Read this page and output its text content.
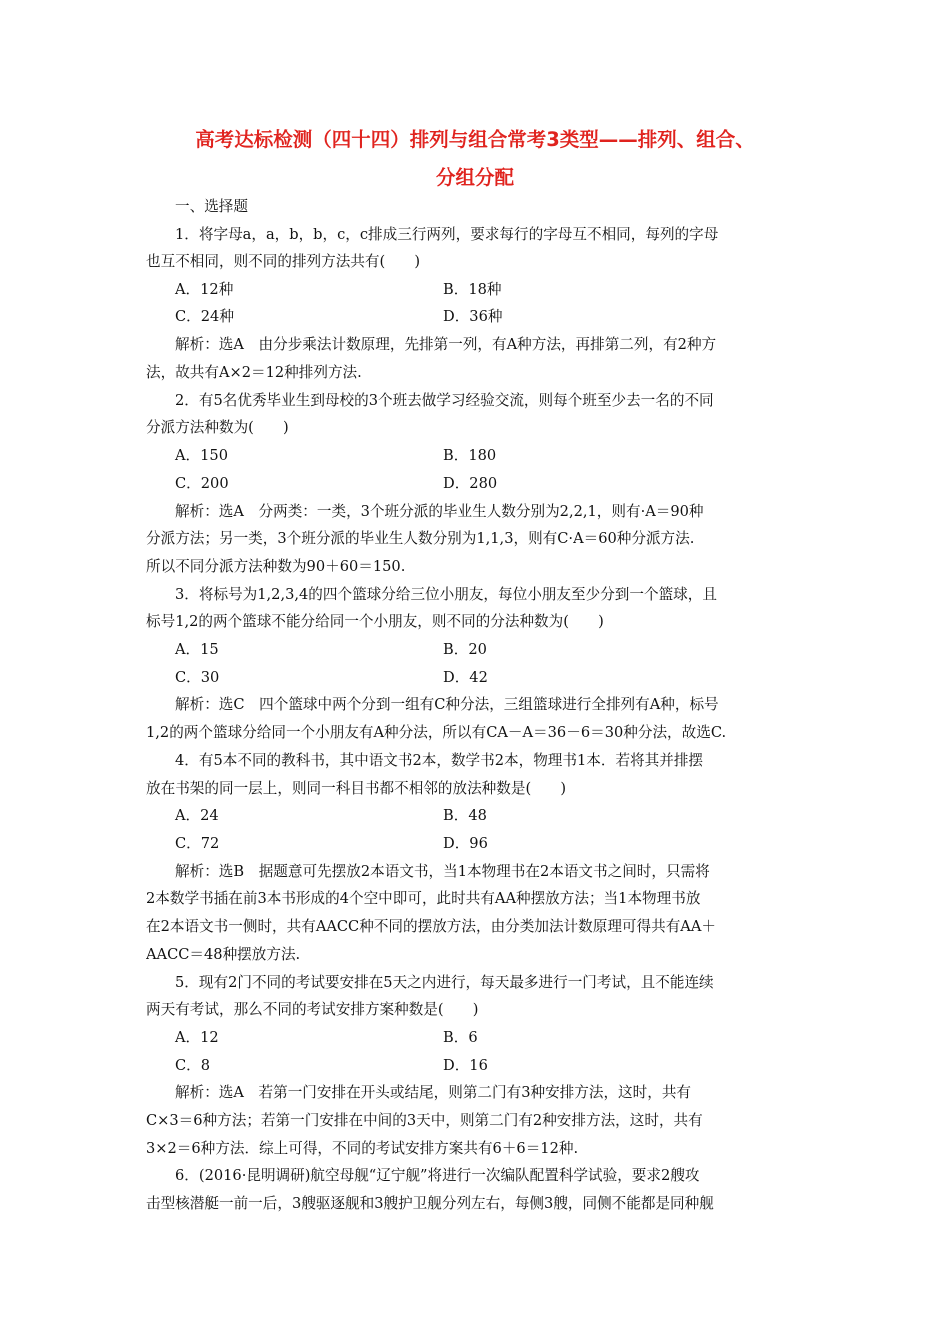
高考达标检测（四十四）排列与组合常考3类型——排列、组合、
分组分配
一、选择题
1．将字母a，a，b，b，c，c排成三行两列，要求每行的字母互不相同，每列的字母
也互不相同，则不同的排列方法共有(　　)
A．12种	B．18种
C．24种	D．36种
解析：选A　由分步乘法计数原理，先排第一列，有A种方法，再排第二列，有2种方
法，故共有A×2＝12种排列方法.
2．有5名优秀毕业生到母校的3个班去做学习经验交流，则每个班至少去一名的不同
分派方法种数为(　　)
A．150	B．180
C．200	D．280
解析：选A　分两类：一类，3个班分派的毕业生人数分别为2,2,1，则有·A＝90种
分派方法；另一类，3个班分派的毕业生人数分别为1,1,3，则有C·A＝60种分派方法.
所以不同分派方法种数为90＋60＝150.
3．将标号为1,2,3,4的四个篮球分给三位小朋友，每位小朋友至少分到一个篮球，且
标号1,2的两个篮球不能分给同一个小朋友，则不同的分法种数为(　　)
A．15	B．20
C．30	D．42
解析：选C　四个篮球中两个分到一组有C种分法，三组篮球进行全排列有A种，标号
1,2的两个篮球分给同一个小朋友有A种分法，所以有CA－A＝36－6＝30种分法，故选C.
4．有5本不同的教科书，其中语文书2本，数学书2本，物理书1本．若将其并排摆
放在书架的同一层上，则同一科目书都不相邻的放法种数是(　　)
A．24	B．48
C．72	D．96
解析：选B　据题意可先摆放2本语文书，当1本物理书在2本语文书之间时，只需将
2本数学书插在前3本书形成的4个空中即可，此时共有AA种摆放方法；当1本物理书放
在2本语文书一侧时，共有AACC种不同的摆放方法，由分类加法计数原理可得共有AA＋
AACC＝48种摆放方法.
5．现有2门不同的考试要安排在5天之内进行，每天最多进行一门考试，且不能连续
两天有考试，那么不同的考试安排方案种数是(　　)
A．12	B．6
C．8	D．16
解析：选A　若第一门安排在开头或结尾，则第二门有3种安排方法，这时，共有
C×3＝6种方法；若第一门安排在中间的3天中，则第二门有2种安排方法，这时，共有
3×2＝6种方法．综上可得，不同的考试安排方案共有6＋6＝12种.
6．(2016·昆明调研)航空母舰“辽宁舰”将进行一次编队配置科学试验，要求2艘攻
击型核潜艇一前一后，3艘驱逐舰和3艘护卫舰分列左右，每侧3艘，同侧不能都是同种舰
